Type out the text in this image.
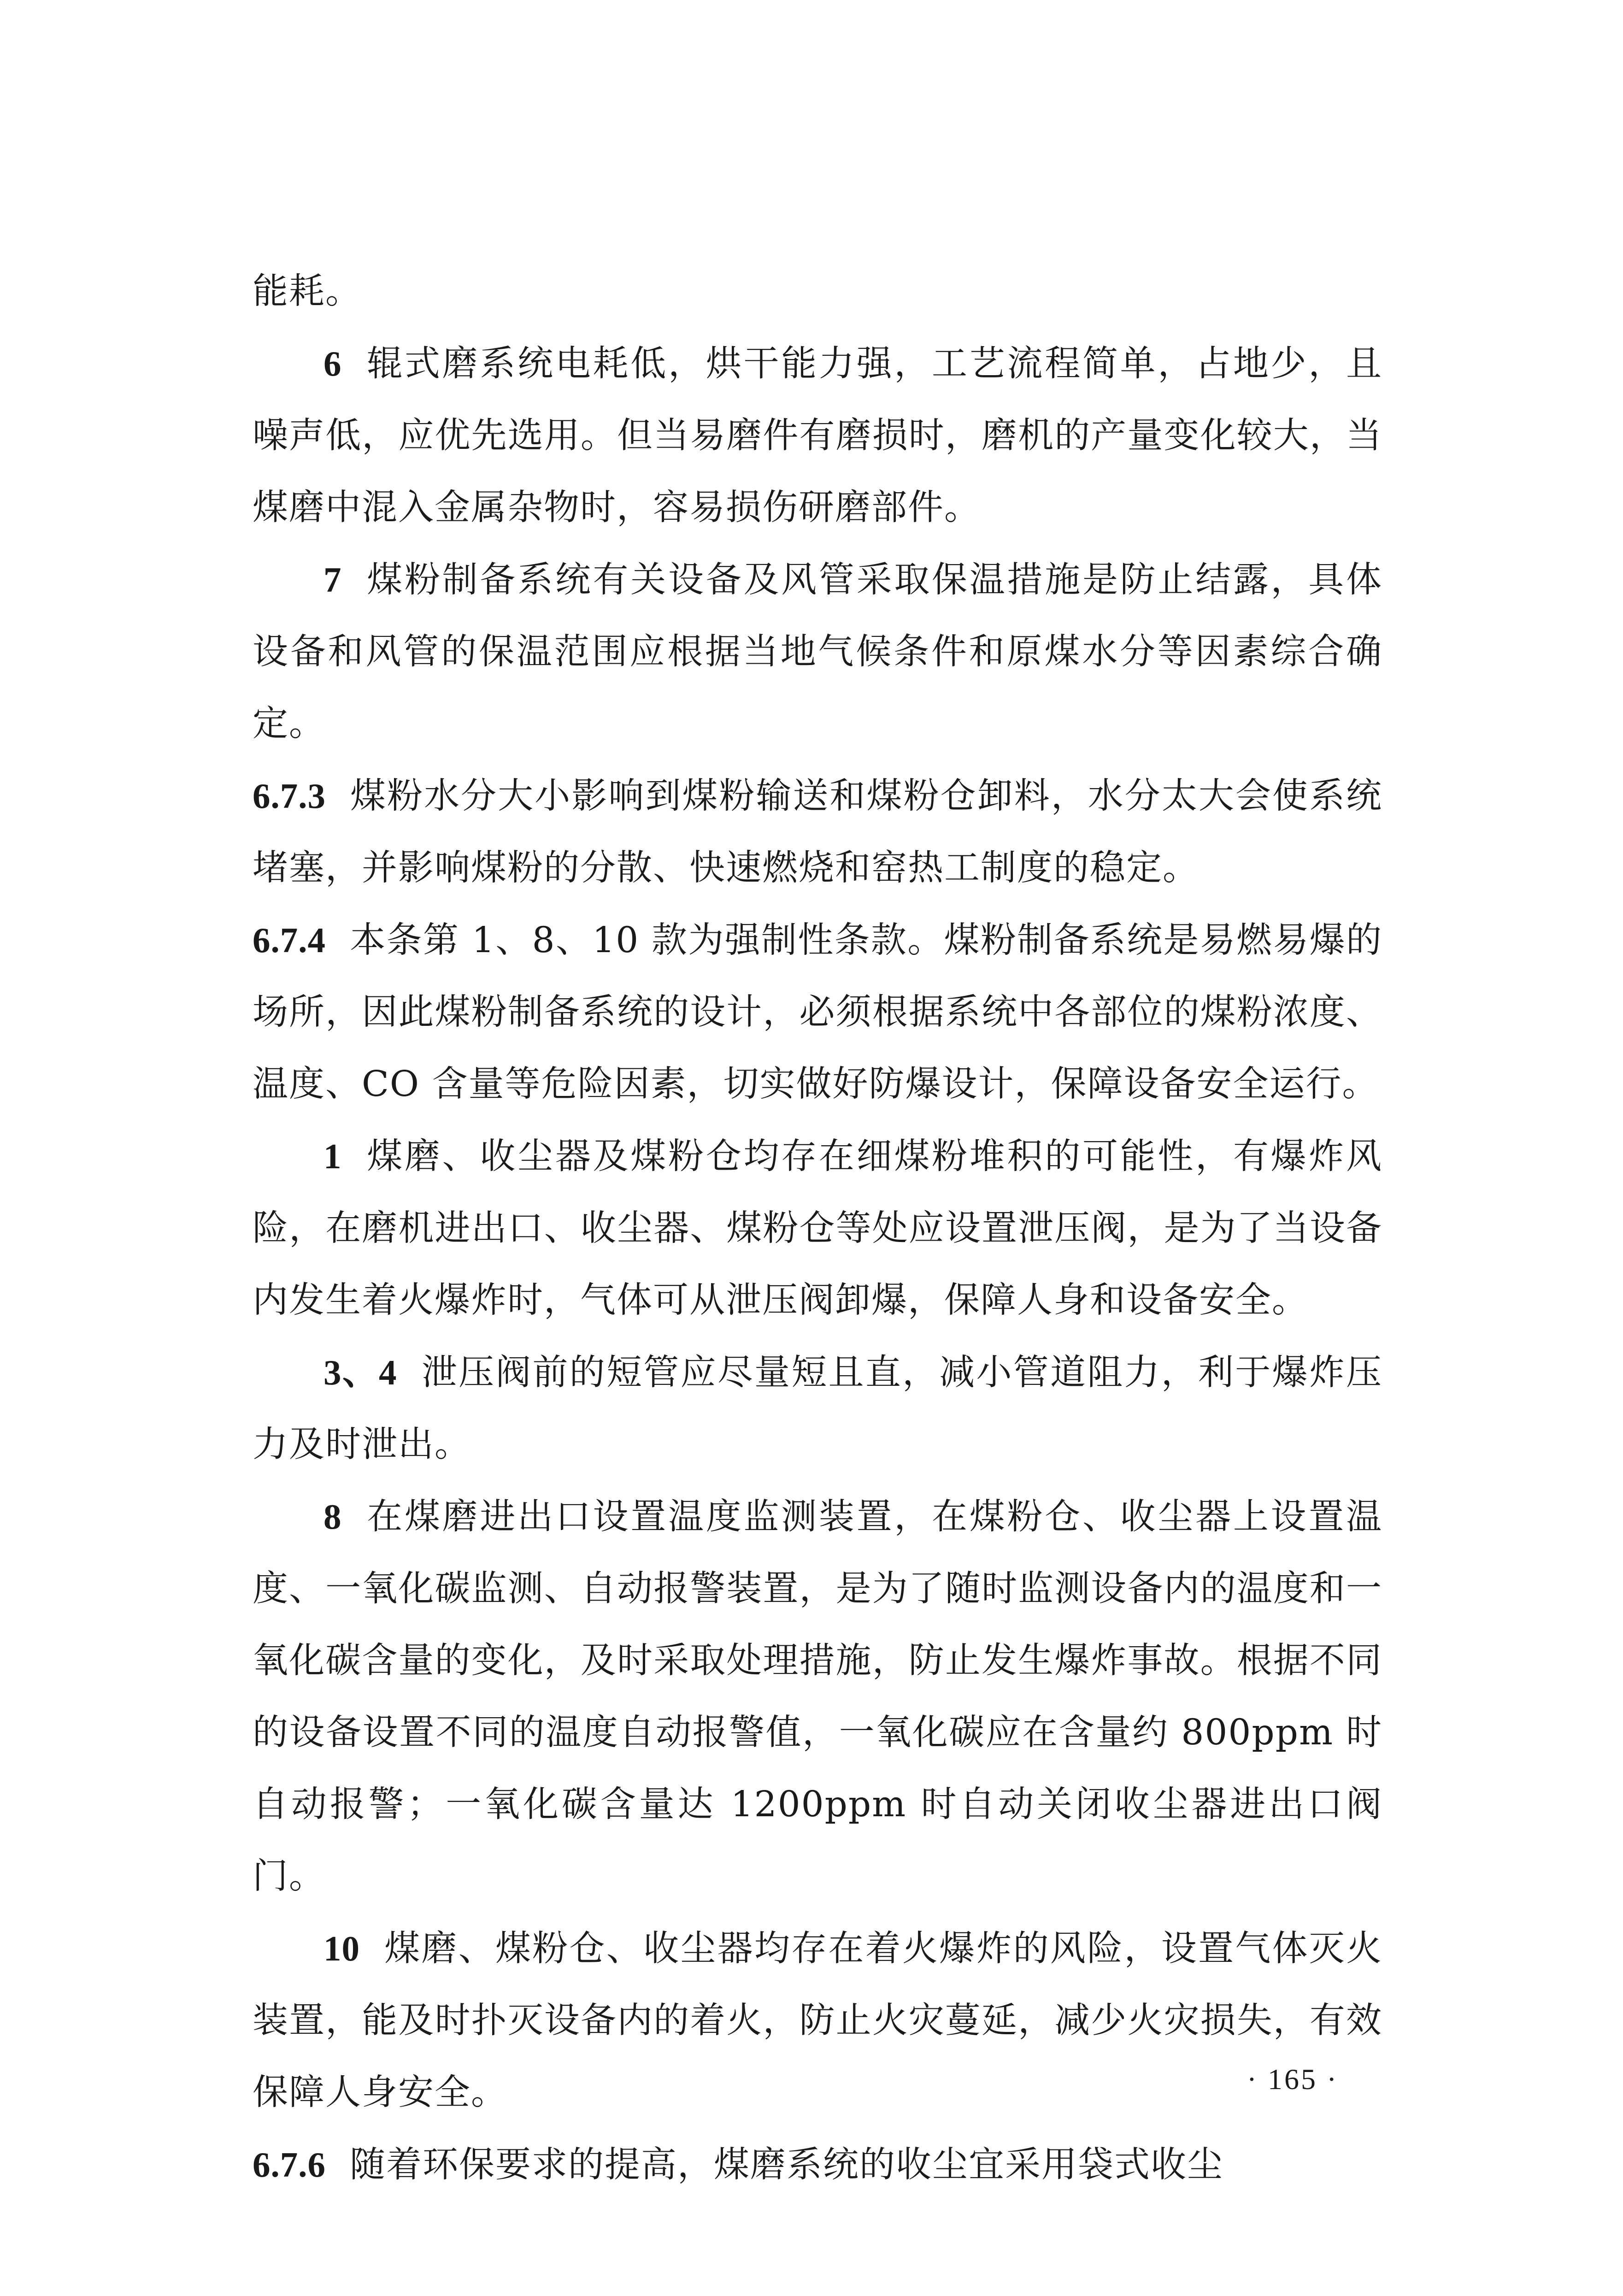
能耗。

6 辊式磨系统电耗低，烘干能力强，工艺流程简单，占地少，且噪声低，应优先选用。但当易磨件有磨损时，磨机的产量变化较大，当煤磨中混入金属杂物时，容易损伤研磨部件。

7 煤粉制备系统有关设备及风管采取保温措施是防止结露，具体设备和风管的保温范围应根据当地气候条件和原煤水分等因素综合确定。

6.7.3 煤粉水分大小影响到煤粉输送和煤粉仓卸料，水分太大会使系统堵塞，并影响煤粉的分散、快速燃烧和窑热工制度的稳定。

6.7.4 本条第 1、8、10 款为强制性条款。煤粉制备系统是易燃易爆的场所，因此煤粉制备系统的设计，必须根据系统中各部位的煤粉浓度、温度、CO 含量等危险因素，切实做好防爆设计，保障设备安全运行。

1 煤磨、收尘器及煤粉仓均存在细煤粉堆积的可能性，有爆炸风险，在磨机进出口、收尘器、煤粉仓等处应设置泄压阀，是为了当设备内发生着火爆炸时，气体可从泄压阀卸爆，保障人身和设备安全。

3、4 泄压阀前的短管应尽量短且直，减小管道阻力，利于爆炸压力及时泄出。

8 在煤磨进出口设置温度监测装置，在煤粉仓、收尘器上设置温度、一氧化碳监测、自动报警装置，是为了随时监测设备内的温度和一氧化碳含量的变化，及时采取处理措施，防止发生爆炸事故。根据不同的设备设置不同的温度自动报警值，一氧化碳应在含量约 800ppm 时自动报警；一氧化碳含量达 1200ppm 时自动关闭收尘器进出口阀门。

10 煤磨、煤粉仓、收尘器均存在着火爆炸的风险，设置气体灭火装置，能及时扑灭设备内的着火，防止火灾蔓延，减少火灾损失，有效保障人身安全。

6.7.6 随着环保要求的提高，煤磨系统的收尘宜采用袋式收尘

· 165 ·
